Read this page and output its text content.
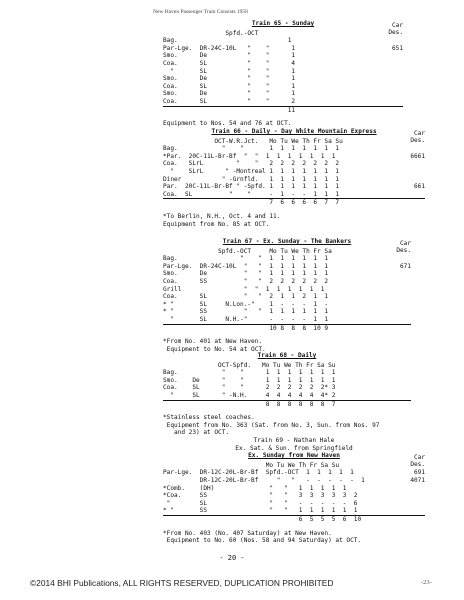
New Haven Passenger Train Consists 1958
Train 65 - Sunday
Spfd.-OCT
Car
Des.
Bag.                              1
Par-Lge.  DR-24C-10L   "    "      1	651
Smo.      De           "    "      1
Coa.      SL           "    "      4
"       SL           "    "      1
Smo.      De           "    "      1
Coa.      SL           "    "      1
Smo.      De           "    "      1
Coa.      SL           "    "      2
11
Equipment to Nos. 54 and 76 at OCT.
Train 66 - Daily - Day White Mountain Express
OCT-W.R.Jct.   Mo Tu We Th Fr Sa Su
Car
Des.
Bag.            "    "       1  1  1  1  1  1  1
*Par.  20C-11L-Br-Bf  "  "  1  1  1  1  1  1  1	6661
Coa.   SLrL         "    "   2  2  2  2  2  2  2
"    SLrL      " -Montreal 1  1  1  1  1  1  1
Diner           " -Grnfld.   1  1  1  1  1  1  1
Par.  20C-11L-Br-Bf " -Spfd. 1  1  1  1  1  1  1	661
Coa.  SL          "    "     -  1  -  -  1  1  1
7  6  6  6  6  7  7
*To Berlin, N.H., Oct. 4 and 11.
Equipment from No. 85 at OCT.
Train 67 - Ex. Sunday - The Bankers
Spfd.-OCT     Mo Tu We Th Fr Sa
Car
Des.
Bag.                 "    "  1  1  1  1  1  1
Par-Lge.  DR-24C-10L  "   "  1  1  1  1  1  1	671
Smo.      De          "   "  1  1  1  1  1  1
Coa.      SS          "   "  2  2  2  2  2  2
Grill                 "  "  1  1  1  1  1  1
Coa.      SL          "   "  2  1  1  2  1  1
* "       SL     N.Lon.-"    1  -  -  -  1  -
* "       SS          "   "  1  1  1  1  1  1
"       SL     N.H.-"      -  -  -  -  1  1
10 8  8  8  10 9
*From No. 401 at New Haven.
Equipment to No. 54 at OCT.
Train 68 - Daily
OCT-Spfd.   Mo Tu We Th Fr Sa Su
Bag.            "    "      1  1  1  1  1  1  1
Smo.    De      "    "      1  1  1  1  1  1  1
Coa.    SL      "    "      2  2  2  2  2  2* 3
"     SL      " -N.H.     4  4  4  4  4  4* 2
8  8  8  8  8  8  7
*Stainless steel coaches.
Equipment from No. 363 (Sat. from No. 3, Sun. from Nos. 97
and 23) at OCT.
Train 69 - Nathan Hale
Ex. Sat. & Sun. from Springfield
Ex. Sunday from New Haven
Mo Tu We Th Fr Sa Su
Car
Des.
Par-Lge.  DR-12C-20L-Br-Bf  Spfd.-OCT  1  1  1  1  1	691
DR-12C-20L-Br-Bf     "   "   -  -  -  -  -  1	4071
*Comb.    (DH)               "   "   1  1  1  1  1
*Coa.     SS                 "   "   3  3  3  3  3  2
"        SL                 "   "   -  -  -  -  -  6
* "       SS                 "   "   1  1  1  1  1  1
6  5  5  5  6  10
*From No. 403 (No. 407 Saturday) at New Haven.
Equipment to No. 60 (Nos. 58 and 94 Saturday) at OCT.
- 20 -
©2014 BHI Publications, ALL RIGHTS RESERVED, DUPLICATION PROHIBITED	-23-
